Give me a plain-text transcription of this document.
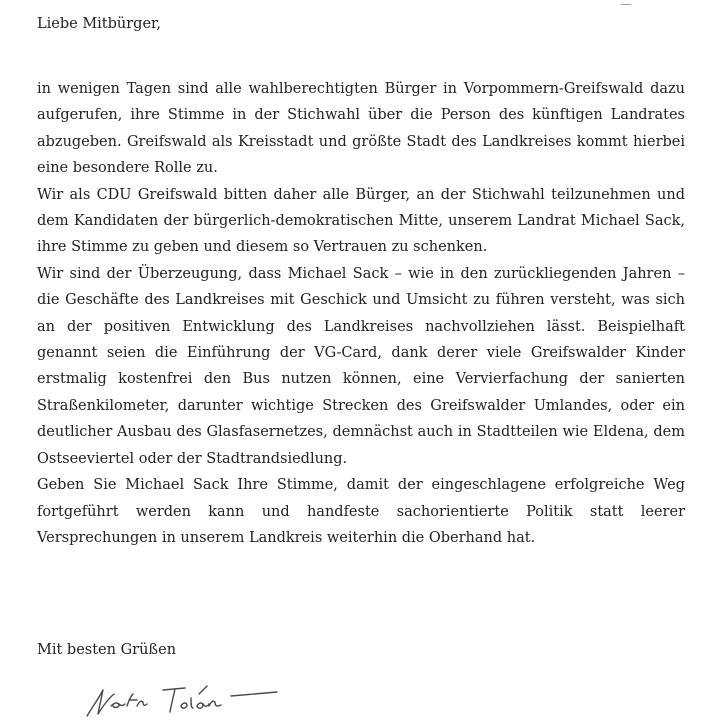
Liebe Mitbürger,

in wenigen Tagen sind alle wahlberechtigten Bürger in Vorpommern-Greifswald dazu aufgerufen, ihre Stimme in der Stichwahl über die Person des künftigen Landrates abzugeben. Greifswald als Kreisstadt und größte Stadt des Landkreises kommt hierbei eine besondere Rolle zu.

Wir als CDU Greifswald bitten daher alle Bürger, an der Stichwahl teilzunehmen und dem Kandidaten der bürgerlich-demokratischen Mitte, unserem Landrat Michael Sack, ihre Stimme zu geben und diesem so Vertrauen zu schenken.

Wir sind der Überzeugung, dass Michael Sack – wie in den zurückliegenden Jahren – die Geschäfte des Landkreises mit Geschick und Umsicht zu führen versteht, was sich an der positiven Entwicklung des Landkreises nachvollziehen lässt. Beispielhaft genannt seien die Einführung der VG-Card, dank derer viele Greifswalder Kinder erstmalig kostenfrei den Bus nutzen können, eine Vervierfachung der sanierten Straßenkilometer, darunter wichtige Strecken des Greifswalder Umlandes, oder ein deutlicher Ausbau des Glasfasernetzes, demnächst auch in Stadtteilen wie Eldena, dem Ostseeviertel oder der Stadtrandsiedlung.

Geben Sie Michael Sack Ihre Stimme, damit der eingeschlagene erfolgreiche Weg fortgeführt werden kann und handfeste sachorientierte Politik statt leerer Versprechungen in unserem Landkreis weiterhin die Oberhand hat.

Mit besten Grüßen
